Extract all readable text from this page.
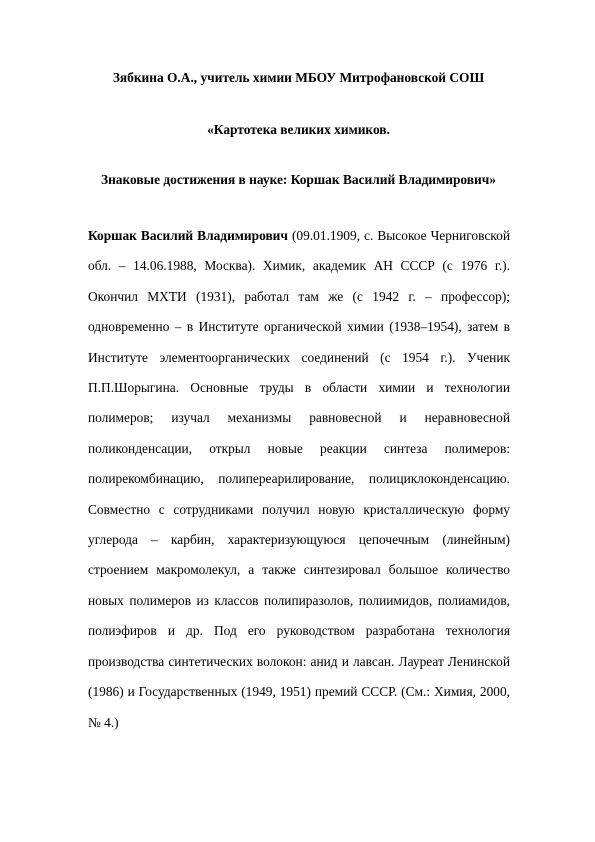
Зябкина О.А., учитель химии МБОУ Митрофановской СОШ
«Картотека великих химиков.
Знаковые достижения в науке: Коршак Василий Владимирович»

Коршак Василий Владимирович (09.01.1909, с. Высокое Черниговской обл. – 14.06.1988, Москва). Химик, академик АН СССР (с 1976 г.). Окончил МХТИ (1931), работал там же (с 1942 г. – профессор); одновременно – в Институте органической химии (1938–1954), затем в Институте элементоорганических соединений (с 1954 г.). Ученик П.П.Шорыгина. Основные труды в области химии и технологии полимеров; изучал механизмы равновесной и неравновесной поликонденсации, открыл новые реакции синтеза полимеров: полирекомбинацию, полипереарилирование, полициклоконденсацию. Совместно с сотрудниками получил новую кристаллическую форму углерода – карбин, характеризующуюся цепочечным (линейным) строением макромолекул, а также синтезировал большое количество новых полимеров из классов полипиразолов, полиимидов, полиамидов, полиэфиров и др. Под его руководством разработана технология производства синтетических волокон: анид и лавсан. Лауреат Ленинской (1986) и Государственных (1949, 1951) премий СССР. (См.: Химия, 2000, № 4.)
